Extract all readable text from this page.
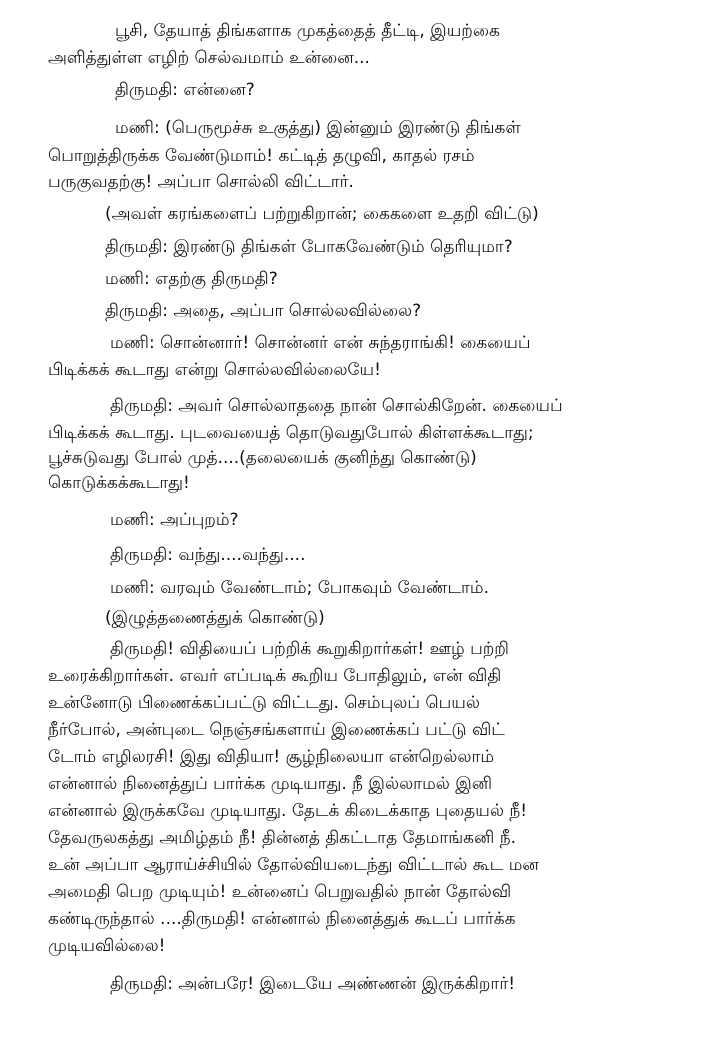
பூசி, தேயாத் திங்களாக முகத்தைத் தீட்டி, இயற்கை
அளித்துள்ள எழிற் செல்வமாம் உன்னை...
திருமதி: என்னை?
மணி: (பெருமூச்சு உகுத்து) இன்னும் இரண்டு திங்கள்
பொறுத்திருக்க வேண்டுமாம்! கட்டித் தழுவி, காதல் ரசம்
பருகுவதற்கு! அப்பா சொல்லி விட்டார்.
(அவள் கரங்களைப் பற்றுகிறான்; கைகளை உதறி விட்டு)
திருமதி: இரண்டு திங்கள் போகவேண்டும் தெரியுமா?
மணி: எதற்கு திருமதி?
திருமதி: அதை, அப்பா சொல்லவில்லை?
மணி: சொன்னார்! சொன்னர் என் சுந்தராங்கி! கையைப்
பிடிக்கக் கூடாது என்று சொல்லவில்லையே!
திருமதி: அவர் சொல்லாததை நான் சொல்கிறேன். கையைப்
பிடிக்கக் கூடாது. புடவையைத் தொடுவதுபோல் கிள்ளக்கூடாது;
பூச்சுடுவது போல் முத்....(தலையைக் குனிந்து கொண்டு)
கொடுக்கக்கூடாது!
மணி: அப்புறம்?
திருமதி: வந்து....வந்து....
மணி: வரவும் வேண்டாம்; போகவும் வேண்டாம்.
(இழுத்தணைத்துக் கொண்டு)
திருமதி! விதியைப் பற்றிக் கூறுகிறார்கள்! ஊழ் பற்றி
உரைக்கிறார்கள். எவர் எப்படிக் கூறிய போதிலும், என் விதி
உன்னோடு பிணைக்கப்பட்டு விட்டது. செம்புலப் பெயல்
நீர்போல், அன்புடை நெஞ்சங்களாய் இணைக்கப் பட்டு விட்
டோம் எழிலரசி! இது விதியா! சூழ்நிலையா என்றெல்லாம்
என்னால் நினைத்துப் பார்க்க முடியாது. நீ இல்லாமல் இனி
என்னால் இருக்கவே முடியாது. தேடக் கிடைக்காத புதையல் நீ!
தேவருலகத்து அமிழ்தம் நீ! தின்னத் திகட்டாத தேமாங்கனி நீ.
உன் அப்பா ஆராய்ச்சியில் தோல்வியடைந்து விட்டால் கூட மன
அமைதி பெற முடியும்! உன்னைப் பெறுவதில் நான் தோல்வி
கண்டிருந்தால் ....திருமதி! என்னால் நினைத்துக் கூடப் பார்க்க
முடியவில்லை!
திருமதி: அன்பரே! இடையே அண்ணன் இருக்கிறார்!
